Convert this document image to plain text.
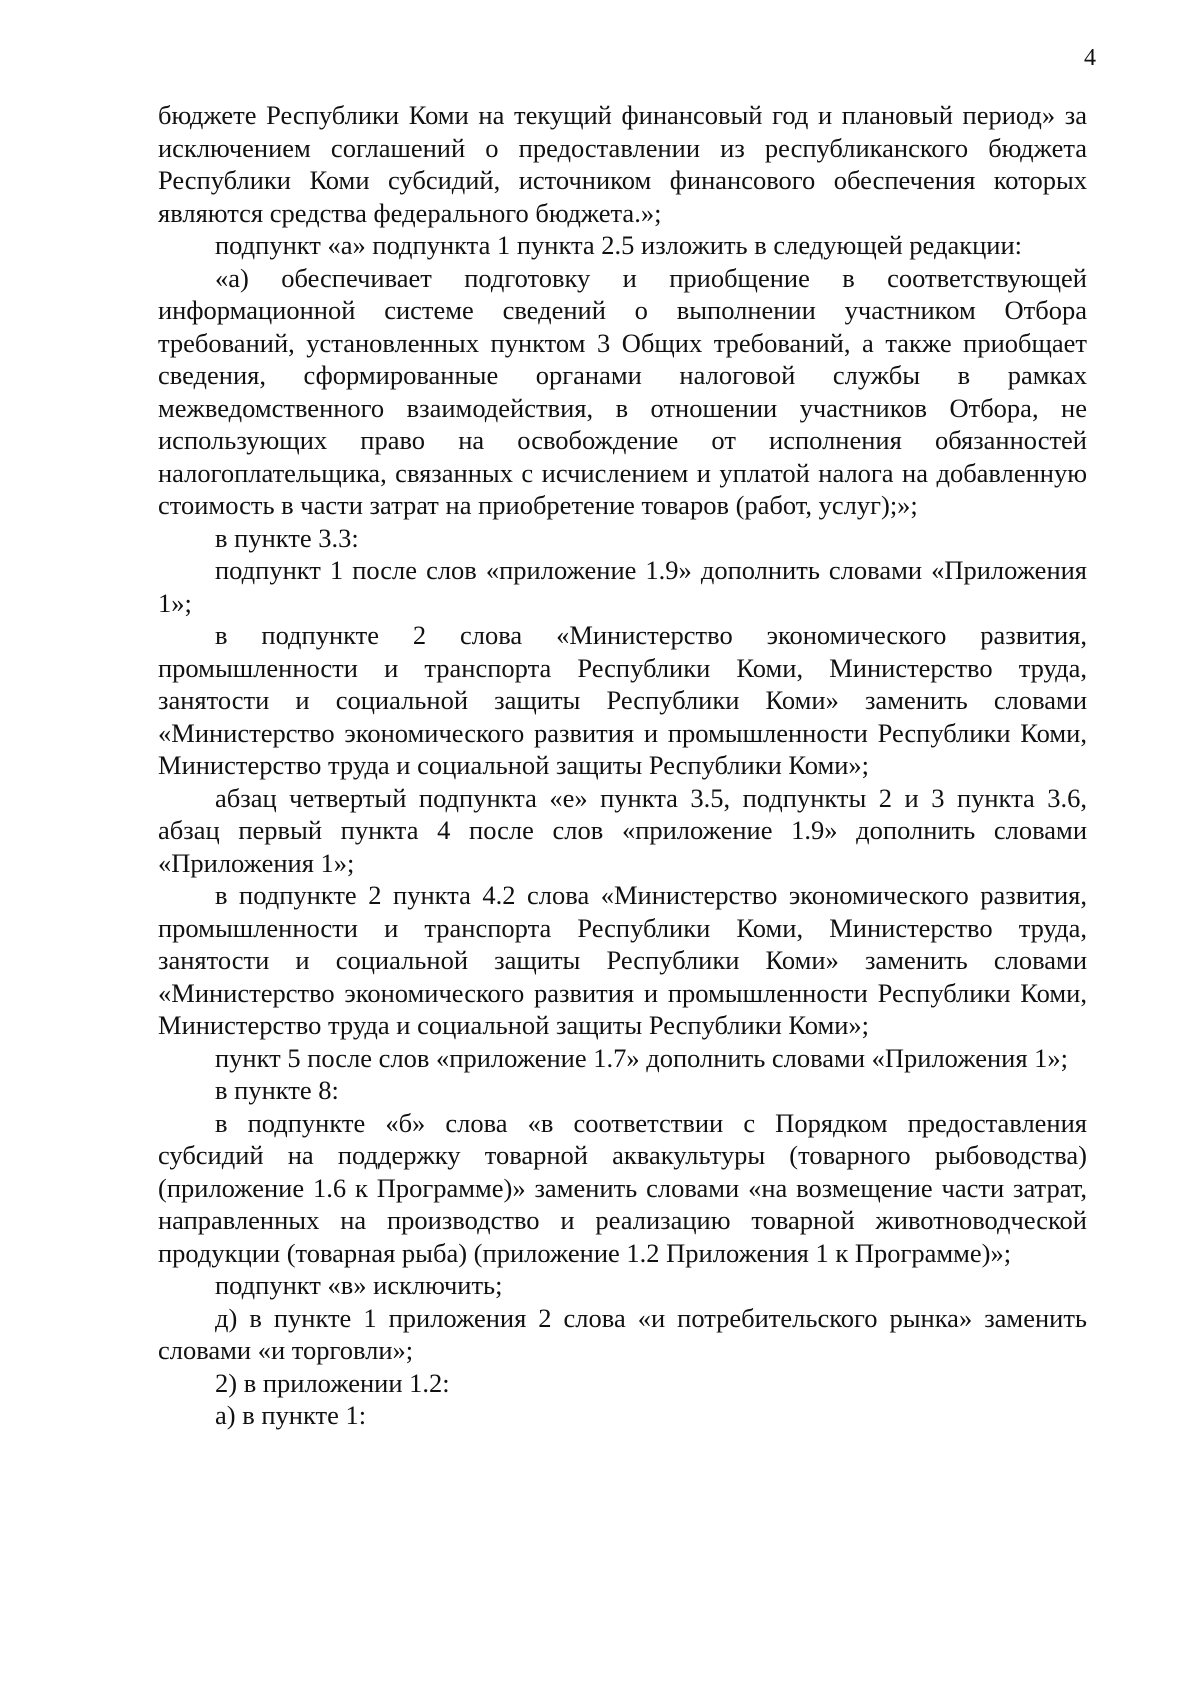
4

бюджете Республики Коми на текущий финансовый год и плановый период» за исключением соглашений о предоставлении из республиканского бюджета Республики Коми субсидий, источником финансового обеспечения которых являются средства федерального бюджета.»;

подпункт «а» подпункта 1 пункта 2.5 изложить в следующей редакции:

«а) обеспечивает подготовку и приобщение в соответствующей информационной системе сведений о выполнении участником Отбора требований, установленных пунктом 3 Общих требований, а также приобщает сведения, сформированные органами налоговой службы в рамках межведомственного взаимодействия, в отношении участников Отбора, не использующих право на освобождение от исполнения обязанностей налогоплательщика, связанных с исчислением и уплатой налога на добавленную стоимость в части затрат на приобретение товаров (работ, услуг);»;

в пункте 3.3:

подпункт 1 после слов «приложение 1.9» дополнить словами «Приложения 1»;

в подпункте 2 слова «Министерство экономического развития, промышленности и транспорта Республики Коми, Министерство труда, занятости и социальной защиты Республики Коми» заменить словами «Министерство экономического развития и промышленности Республики Коми, Министерство труда и социальной защиты Республики Коми»;

абзац четвертый подпункта «е» пункта 3.5, подпункты 2 и 3 пункта 3.6, абзац первый пункта 4 после слов «приложение 1.9» дополнить словами «Приложения 1»;

в подпункте 2 пункта 4.2 слова «Министерство экономического развития, промышленности и транспорта Республики Коми, Министерство труда, занятости и социальной защиты Республики Коми» заменить словами «Министерство экономического развития и промышленности Республики Коми, Министерство труда и социальной защиты Республики Коми»;

пункт 5 после слов «приложение 1.7» дополнить словами «Приложения 1»;

в пункте 8:

в подпункте «б» слова «в соответствии с Порядком предоставления субсидий на поддержку товарной аквакультуры (товарного рыбоводства) (приложение 1.6 к Программе)» заменить словами «на возмещение части затрат, направленных на производство и реализацию товарной животноводческой продукции (товарная рыба) (приложение 1.2 Приложения 1 к Программе)»;

подпункт «в» исключить;

д) в пункте 1 приложения 2 слова «и потребительского рынка» заменить словами «и торговли»;

2) в приложении 1.2:

а) в пункте 1:
